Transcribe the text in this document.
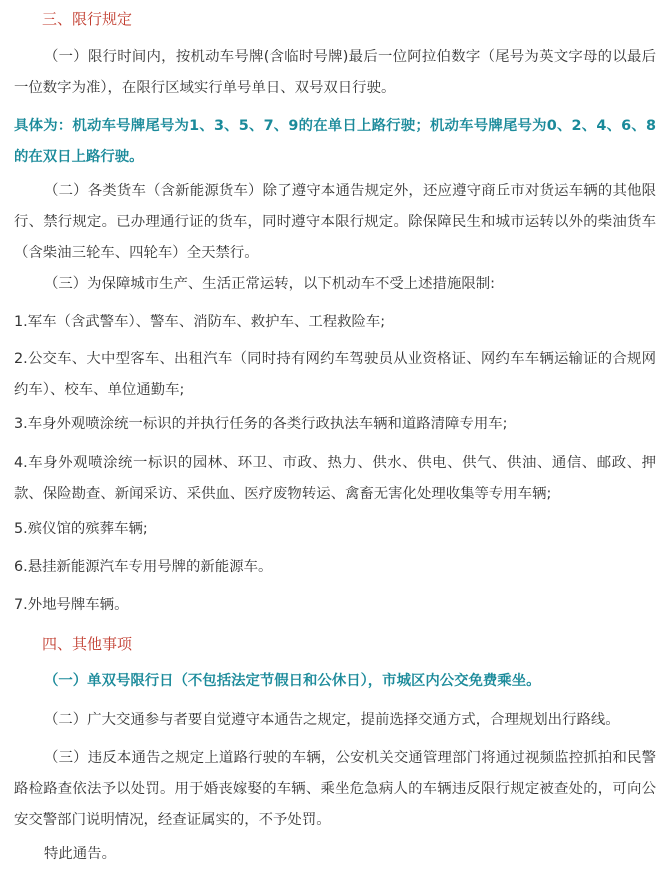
三、限行规定

（一）限行时间内，按机动车号牌(含临时号牌)最后一位阿拉伯数字（尾号为英文字母的以最后一位数字为准），在限行区域实行单号单日、双号双日行驶。

具体为：机动车号牌尾号为1、3、5、7、9的在单日上路行驶；机动车号牌尾号为0、2、4、6、8的在双日上路行驶。

（二）各类货车（含新能源货车）除了遵守本通告规定外，还应遵守商丘市对货运车辆的其他限行、禁行规定。已办理通行证的货车，同时遵守本限行规定。除保障民生和城市运转以外的柴油货车（含柴油三轮车、四轮车）全天禁行。

（三）为保障城市生产、生活正常运转，以下机动车不受上述措施限制:

1.军车（含武警车）、警车、消防车、救护车、工程救险车;

2.公交车、大中型客车、出租汽车（同时持有网约车驾驶员从业资格证、网约车车辆运输证的合规网约车）、校车、单位通勤车;

3.车身外观喷涂统一标识的并执行任务的各类行政执法车辆和道路清障专用车;

4.车身外观喷涂统一标识的园林、环卫、市政、热力、供水、供电、供气、供油、通信、邮政、押款、保险勘查、新闻采访、采供血、医疗废物转运、禽畜无害化处理收集等专用车辆;

5.殡仪馆的殡葬车辆;

6.悬挂新能源汽车专用号牌的新能源车。

7.外地号牌车辆。

四、其他事项

（一）单双号限行日（不包括法定节假日和公休日），市城区内公交免费乘坐。

（二）广大交通参与者要自觉遵守本通告之规定，提前选择交通方式，合理规划出行路线。

（三）违反本通告之规定上道路行驶的车辆，公安机关交通管理部门将通过视频监控抓拍和民警路检路查依法予以处罚。用于婚丧嫁娶的车辆、乘坐危急病人的车辆违反限行规定被查处的，可向公安交警部门说明情况，经查证属实的，不予处罚。

特此通告。
